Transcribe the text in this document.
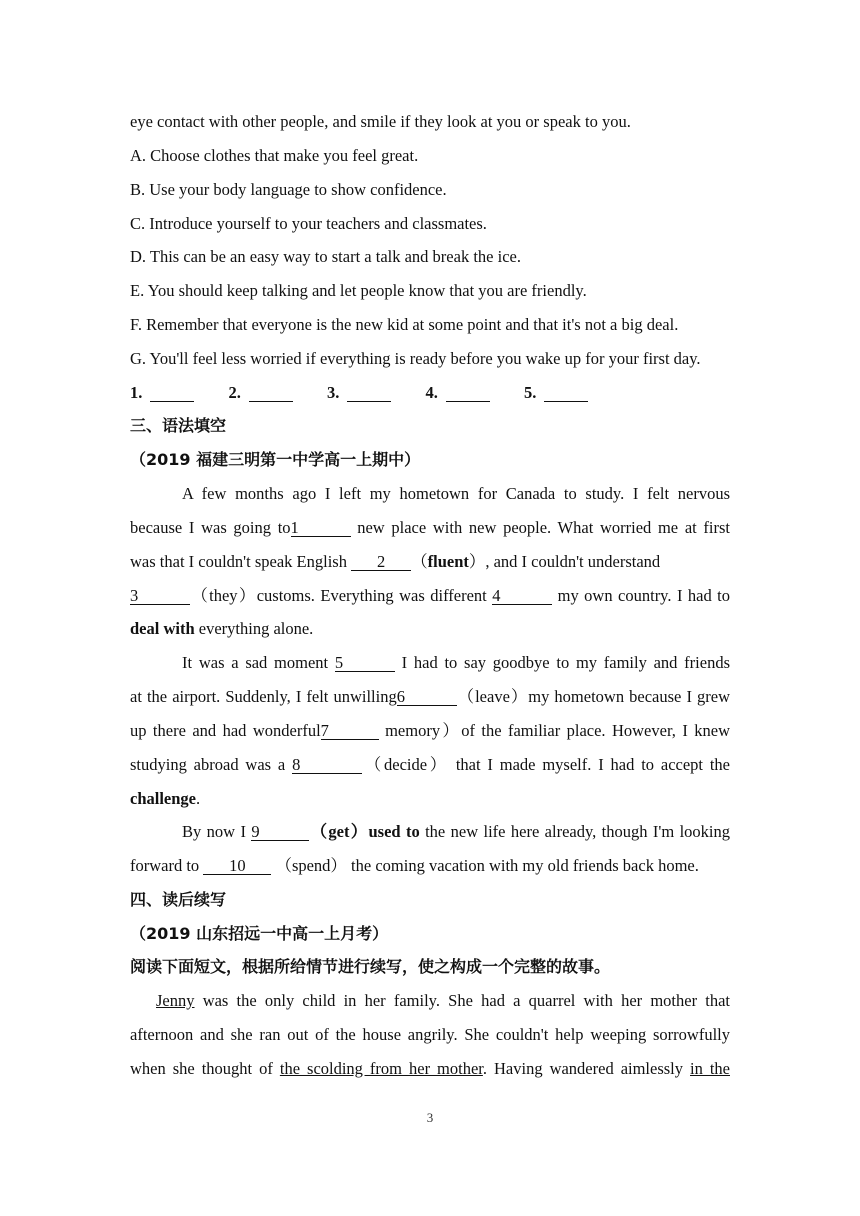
eye contact with other people, and smile if they look at you or speak to you.
A. Choose clothes that make you feel great.
B. Use your body language to show confidence.
C. Introduce yourself to your teachers and classmates.
D. This can be an easy way to start a talk and break the ice.
E. You should keep talking and let people know that you are friendly.
F. Remember that everyone is the new kid at some point and that it's not a big deal.
G. You'll feel less worried if everything is ready before you wake up for your first day.
1.	2.	3.	4.	5.
三、语法填空
（2019 福建三明第一中学高一上期中）
A few months ago I left my hometown for Canada to study. I felt nervous
because I was going to1	new place with new people. What worried me at first
was that I couldn't speak English 2 （fluent）, and I couldn't understand
3	（they）customs. Everything was different 4	my own country. I had to
deal with everything alone.
It was a sad moment 5	I had to say goodbye to my family and friends
at the airport. Suddenly, I felt unwilling6	（leave）my hometown because I grew
up there and had wonderful7	memory）of the familiar place. However, I knew
studying abroad was a 8	（decide） that I made myself. I had to accept the
challenge.
By now I 9	（get）used to the new life here already, though I'm looking
forward to 10 （spend） the coming vacation with my old friends back home.
四、读后续写
（2019 山东招远一中高一上月考）
阅读下面短文，根据所给情节进行续写，使之构成一个完整的故事。
Jenny was the only child in her family. She had a quarrel with her mother that
afternoon and she ran out of the house angrily. She couldn't help weeping sorrowfully
when she thought of the scolding from her mother. Having wandered aimlessly in the
3
